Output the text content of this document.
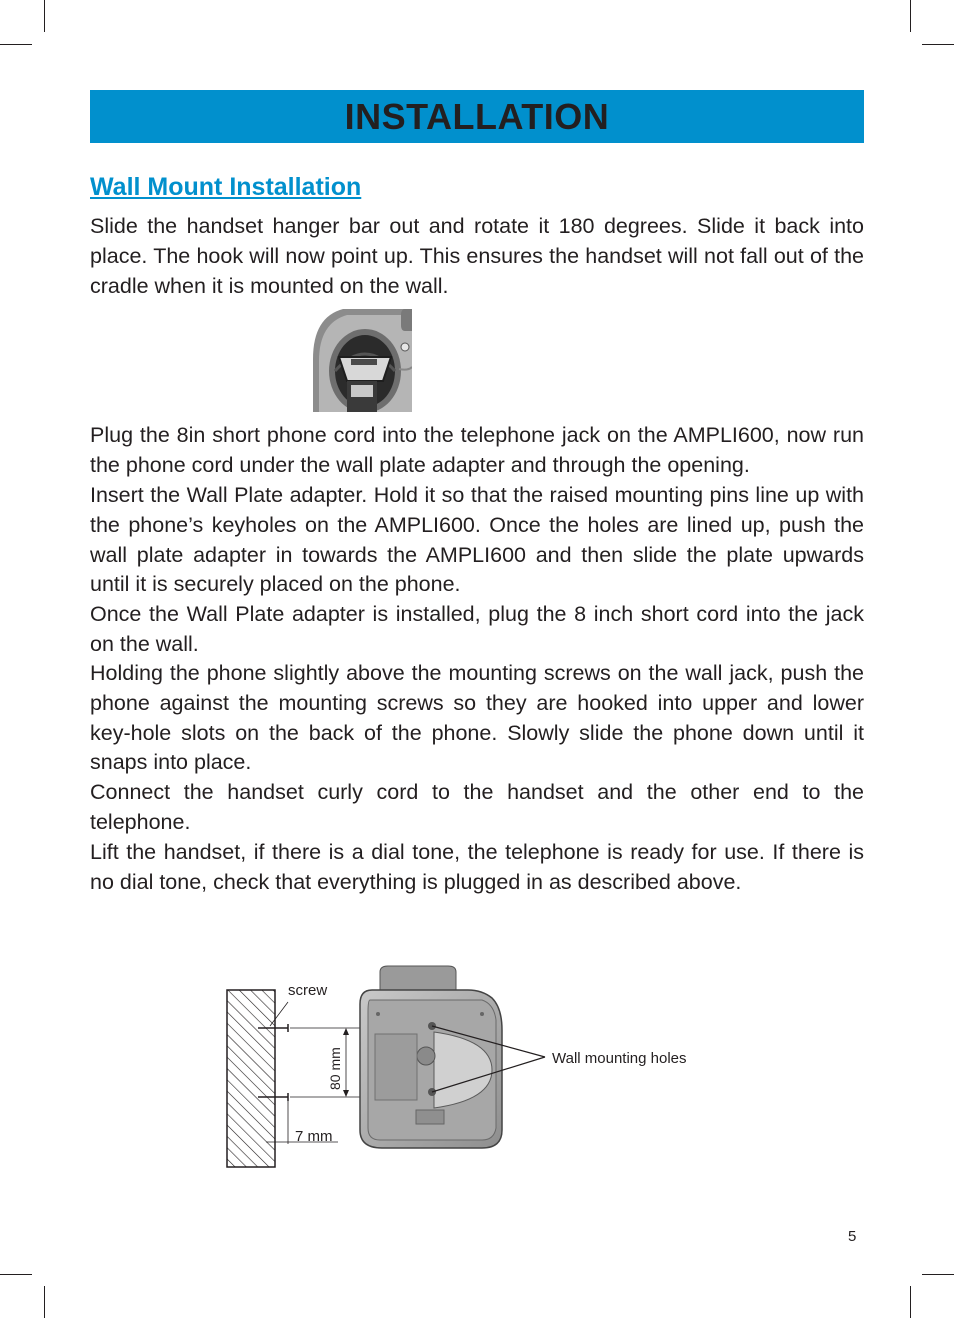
INSTALLATION
Wall Mount Installation

Slide the handset hanger bar out and rotate it 180 degrees. Slide it back into place. The hook will now point up. This ensures the handset will not fall out of the cradle when it is mounted on the wall.

Plug the 8in short phone cord into the telephone jack on the AMPLI600, now run the phone cord under the wall plate adapter and through the opening.

Insert the Wall Plate adapter. Hold it so that the raised mounting pins line up with the phone’s keyholes on the AMPLI600. Once the holes are lined up, push the wall plate adapter in towards the AMPLI600 and then slide the plate upwards until it is securely placed on the phone.

Once the Wall Plate adapter is installed, plug the 8 inch short cord into the jack on the wall.

Holding the phone slightly above the mounting screws on the wall jack, push the phone against the mounting screws so they are hooked into upper and lower key-hole slots on the back of the phone. Slowly slide the phone down until it snaps into place.

Connect the handset curly cord to the handset and the other end to the telephone.

Lift the handset, if there is a dial tone, the telephone is ready for use. If there is no dial tone, check that everything is plugged in as described above.

screw
80 mm
7 mm
Wall mounting holes
5
